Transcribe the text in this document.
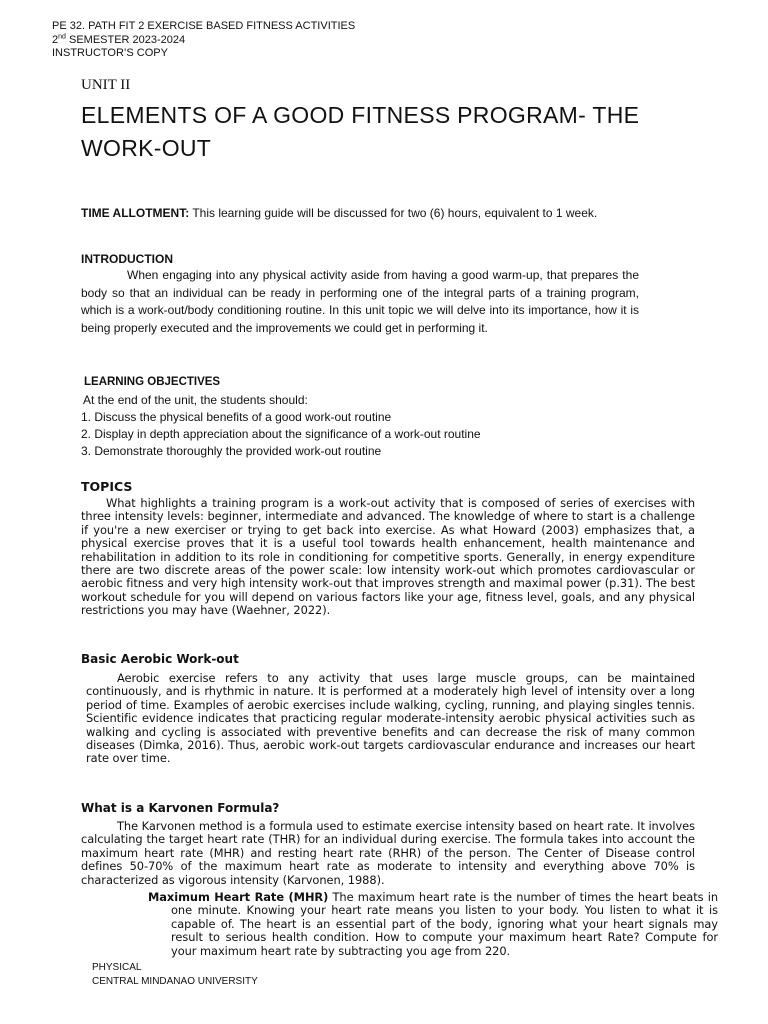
PE 32. PATH FIT 2 EXERCISE BASED FITNESS ACTIVITIES
2nd SEMESTER 2023-2024
INSTRUCTOR’S COPY
UNIT II
ELEMENTS OF A GOOD FITNESS PROGRAM- THE WORK-OUT
TIME ALLOTMENT: This learning guide will be discussed for two (6) hours, equivalent to 1 week.
INTRODUCTION

When engaging into any physical activity aside from having a good warm-up, that prepares the body so that an individual can be ready in performing one of the integral parts of a training program, which is a work-out/body conditioning routine. In this unit topic we will delve into its importance, how it is being properly executed and the improvements we could get in performing it.

LEARNING OBJECTIVES
At the end of the unit, the students should:
1. Discuss the physical benefits of a good work-out routine
2. Display in depth appreciation about the significance of a work-out routine
3. Demonstrate thoroughly the provided work-out routine
TOPICS

What highlights a training program is a work-out activity that is composed of series of exercises with three intensity levels: beginner, intermediate and advanced. The knowledge of where to start is a challenge if you're a new exerciser or trying to get back into exercise. As what Howard (2003) emphasizes that, a physical exercise proves that it is a useful tool towards health enhancement, health maintenance and rehabilitation in addition to its role in conditioning for competitive sports. Generally, in energy expenditure there are two discrete areas of the power scale: low intensity work-out which promotes cardiovascular or aerobic fitness and very high intensity work-out that improves strength and maximal power (p.31). The best workout schedule for you will depend on various factors like your age, fitness level, goals, and any physical restrictions you may have (Waehner, 2022).

Basic Aerobic Work-out

Aerobic exercise refers to any activity that uses large muscle groups, can be maintained continuously, and is rhythmic in nature. It is performed at a moderately high level of intensity over a long period of time. Examples of aerobic exercises include walking, cycling, running, and playing singles tennis. Scientific evidence indicates that practicing regular moderate-intensity aerobic physical activities such as walking and cycling is associated with preventive benefits and can decrease the risk of many common diseases (Dimka, 2016). Thus, aerobic work-out targets cardiovascular endurance and increases our heart rate over time.

What is a Karvonen Formula?

The Karvonen method is a formula used to estimate exercise intensity based on heart rate. It involves calculating the target heart rate (THR) for an individual during exercise. The formula takes into account the maximum heart rate (MHR) and resting heart rate (RHR) of the person. The Center of Disease control defines 50-70% of the maximum heart rate as moderate to intensity and everything above 70% is characterized as vigorous intensity (Karvonen, 1988).

Maximum Heart Rate (MHR) The maximum heart rate is the number of times the heart beats in one minute. Knowing your heart rate means you listen to your body. You listen to what it is capable of. The heart is an essential part of the body, ignoring what your heart signals may result to serious health condition. How to compute your maximum heart Rate? Compute for your maximum heart rate by subtracting you age from 220.

PHYSICAL
CENTRAL MINDANAO UNIVERSITY
